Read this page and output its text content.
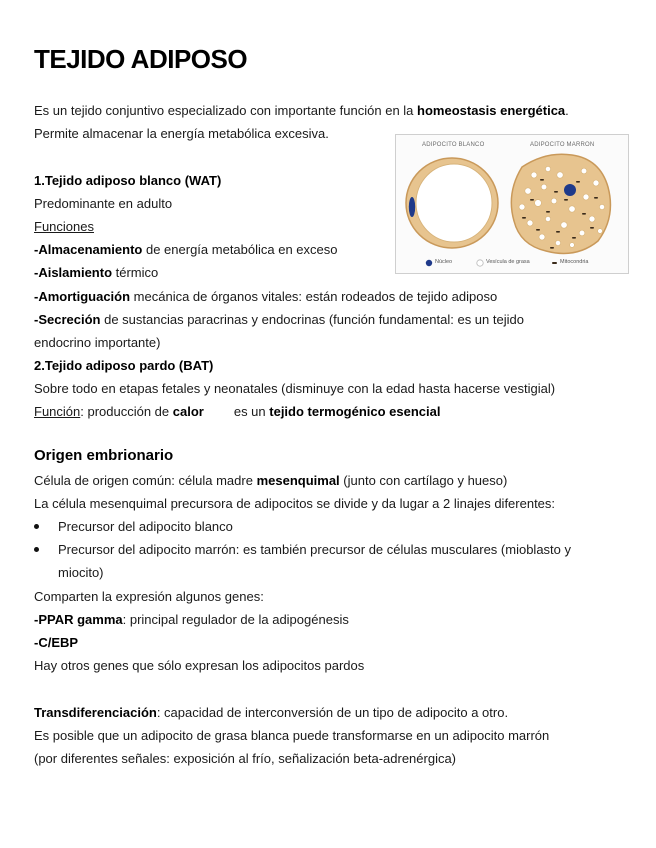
TEJIDO ADIPOSO
Es un tejido conjuntivo especializado con importante función en la homeostasis energética.
Permite almacenar la energía metabólica excesiva.
1.Tejido adiposo blanco (WAT)
Predominante en adulto
Funciones
-Almacenamiento de energía metabólica en exceso
-Aislamiento térmico
-Amortiguación mecánica de órganos vitales: están rodeados de tejido adiposo
-Secreción de sustancias paracrinas y endocrinas (función fundamental: es un tejido
endocrino importante)
2.Tejido adiposo pardo (BAT)
Sobre todo en etapas fetales y neonatales (disminuye con la edad hasta hacerse vestigial)
Función: producción de calor es un tejido termogénico esencial
Origen embrionario
Célula de origen común: célula madre mesenquimal (junto con cartílago y hueso)
La célula mesenquimal precursora de adipocitos se divide y da lugar a 2 linajes diferentes:
Precursor del adipocito blanco
Precursor del adipocito marrón: es también precursor de células musculares (mioblasto y
miocito)
Comparten la expresión algunos genes:
-PPAR gamma: principal regulador de la adipogénesis
-C/EBP
Hay otros genes que sólo expresan los adipocitos pardos
Transdiferenciación: capacidad de interconversión de un tipo de adipocito a otro.
Es posible que un adipocito de grasa blanca puede transformarse en un adipocito marrón
(por diferentes señales: exposición al frío, señalización beta-adrenérgica)
ADIPOCITO BLANCO	ADIPOCITO MARRON
Núcleo	Vesícula de grasa	Mitocondria
